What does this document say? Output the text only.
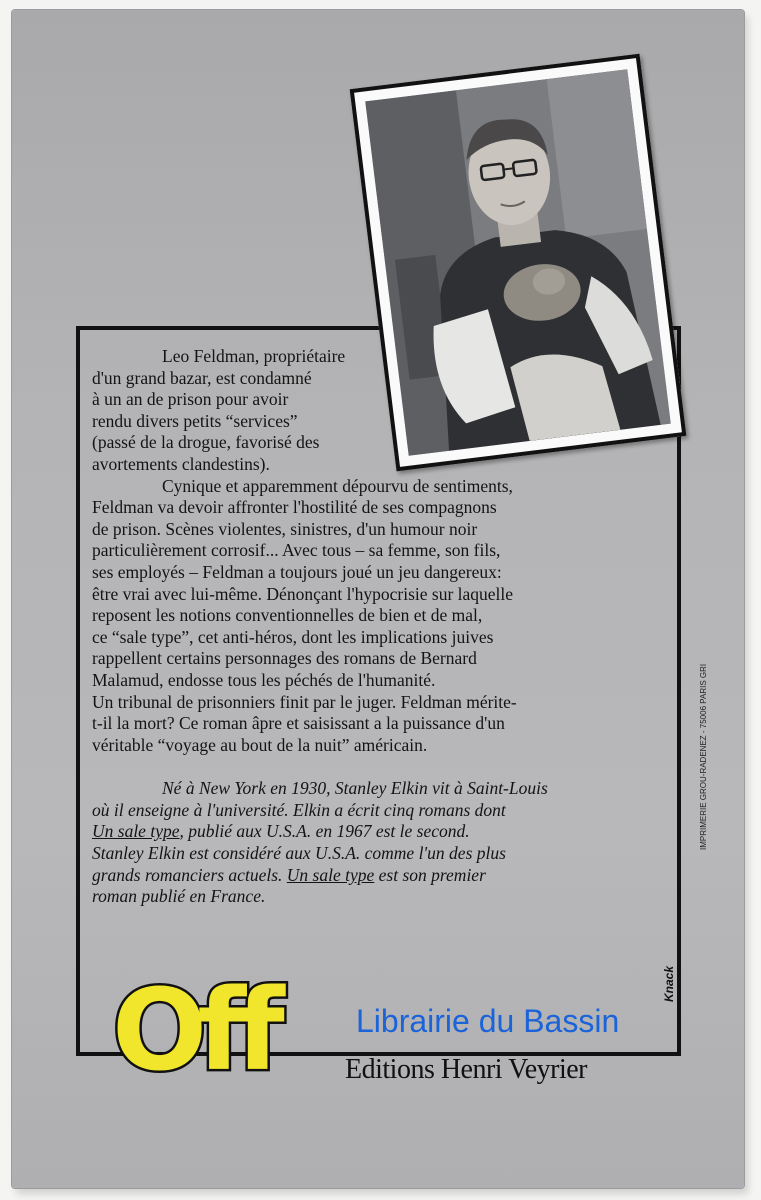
Leo Feldman, propriétaire
d'un grand bazar, est condamné
à un an de prison pour avoir
rendu divers petits “services”
(passé de la drogue, favorisé des
avortements clandestins).
Cynique et apparemment dépourvu de sentiments,
Feldman va devoir affronter l'hostilité de ses compagnons
de prison. Scènes violentes, sinistres, d'un humour noir
particulièrement corrosif... Avec tous – sa femme, son fils,
ses employés – Feldman a toujours joué un jeu dangereux:
être vrai avec lui-même. Dénonçant l'hypocrisie sur laquelle
reposent les notions conventionnelles de bien et de mal,
ce “sale type”, cet anti-héros, dont les implications juives
rappellent certains personnages des romans de Bernard
Malamud, endosse tous les péchés de l'humanité.
Un tribunal de prisonniers finit par le juger. Feldman mérite-
t-il la mort? Ce roman âpre et saisissant a la puissance d'un
véritable “voyage au bout de la nuit” américain.

Né à New York en 1930, Stanley Elkin vit à Saint-Louis
où il enseigne à l'université. Elkin a écrit cinq romans dont
Un sale type, publié aux U.S.A. en 1967 est le second.
Stanley Elkin est considéré aux U.S.A. comme l'un des plus
grands romanciers actuels. Un sale type est son premier
roman publié en France.

Off	Editions Henri Veyrier
Librairie du Bassin
IMPRIMERIE GROU-RADENEZ - 75006 PARIS GRI
Knack
